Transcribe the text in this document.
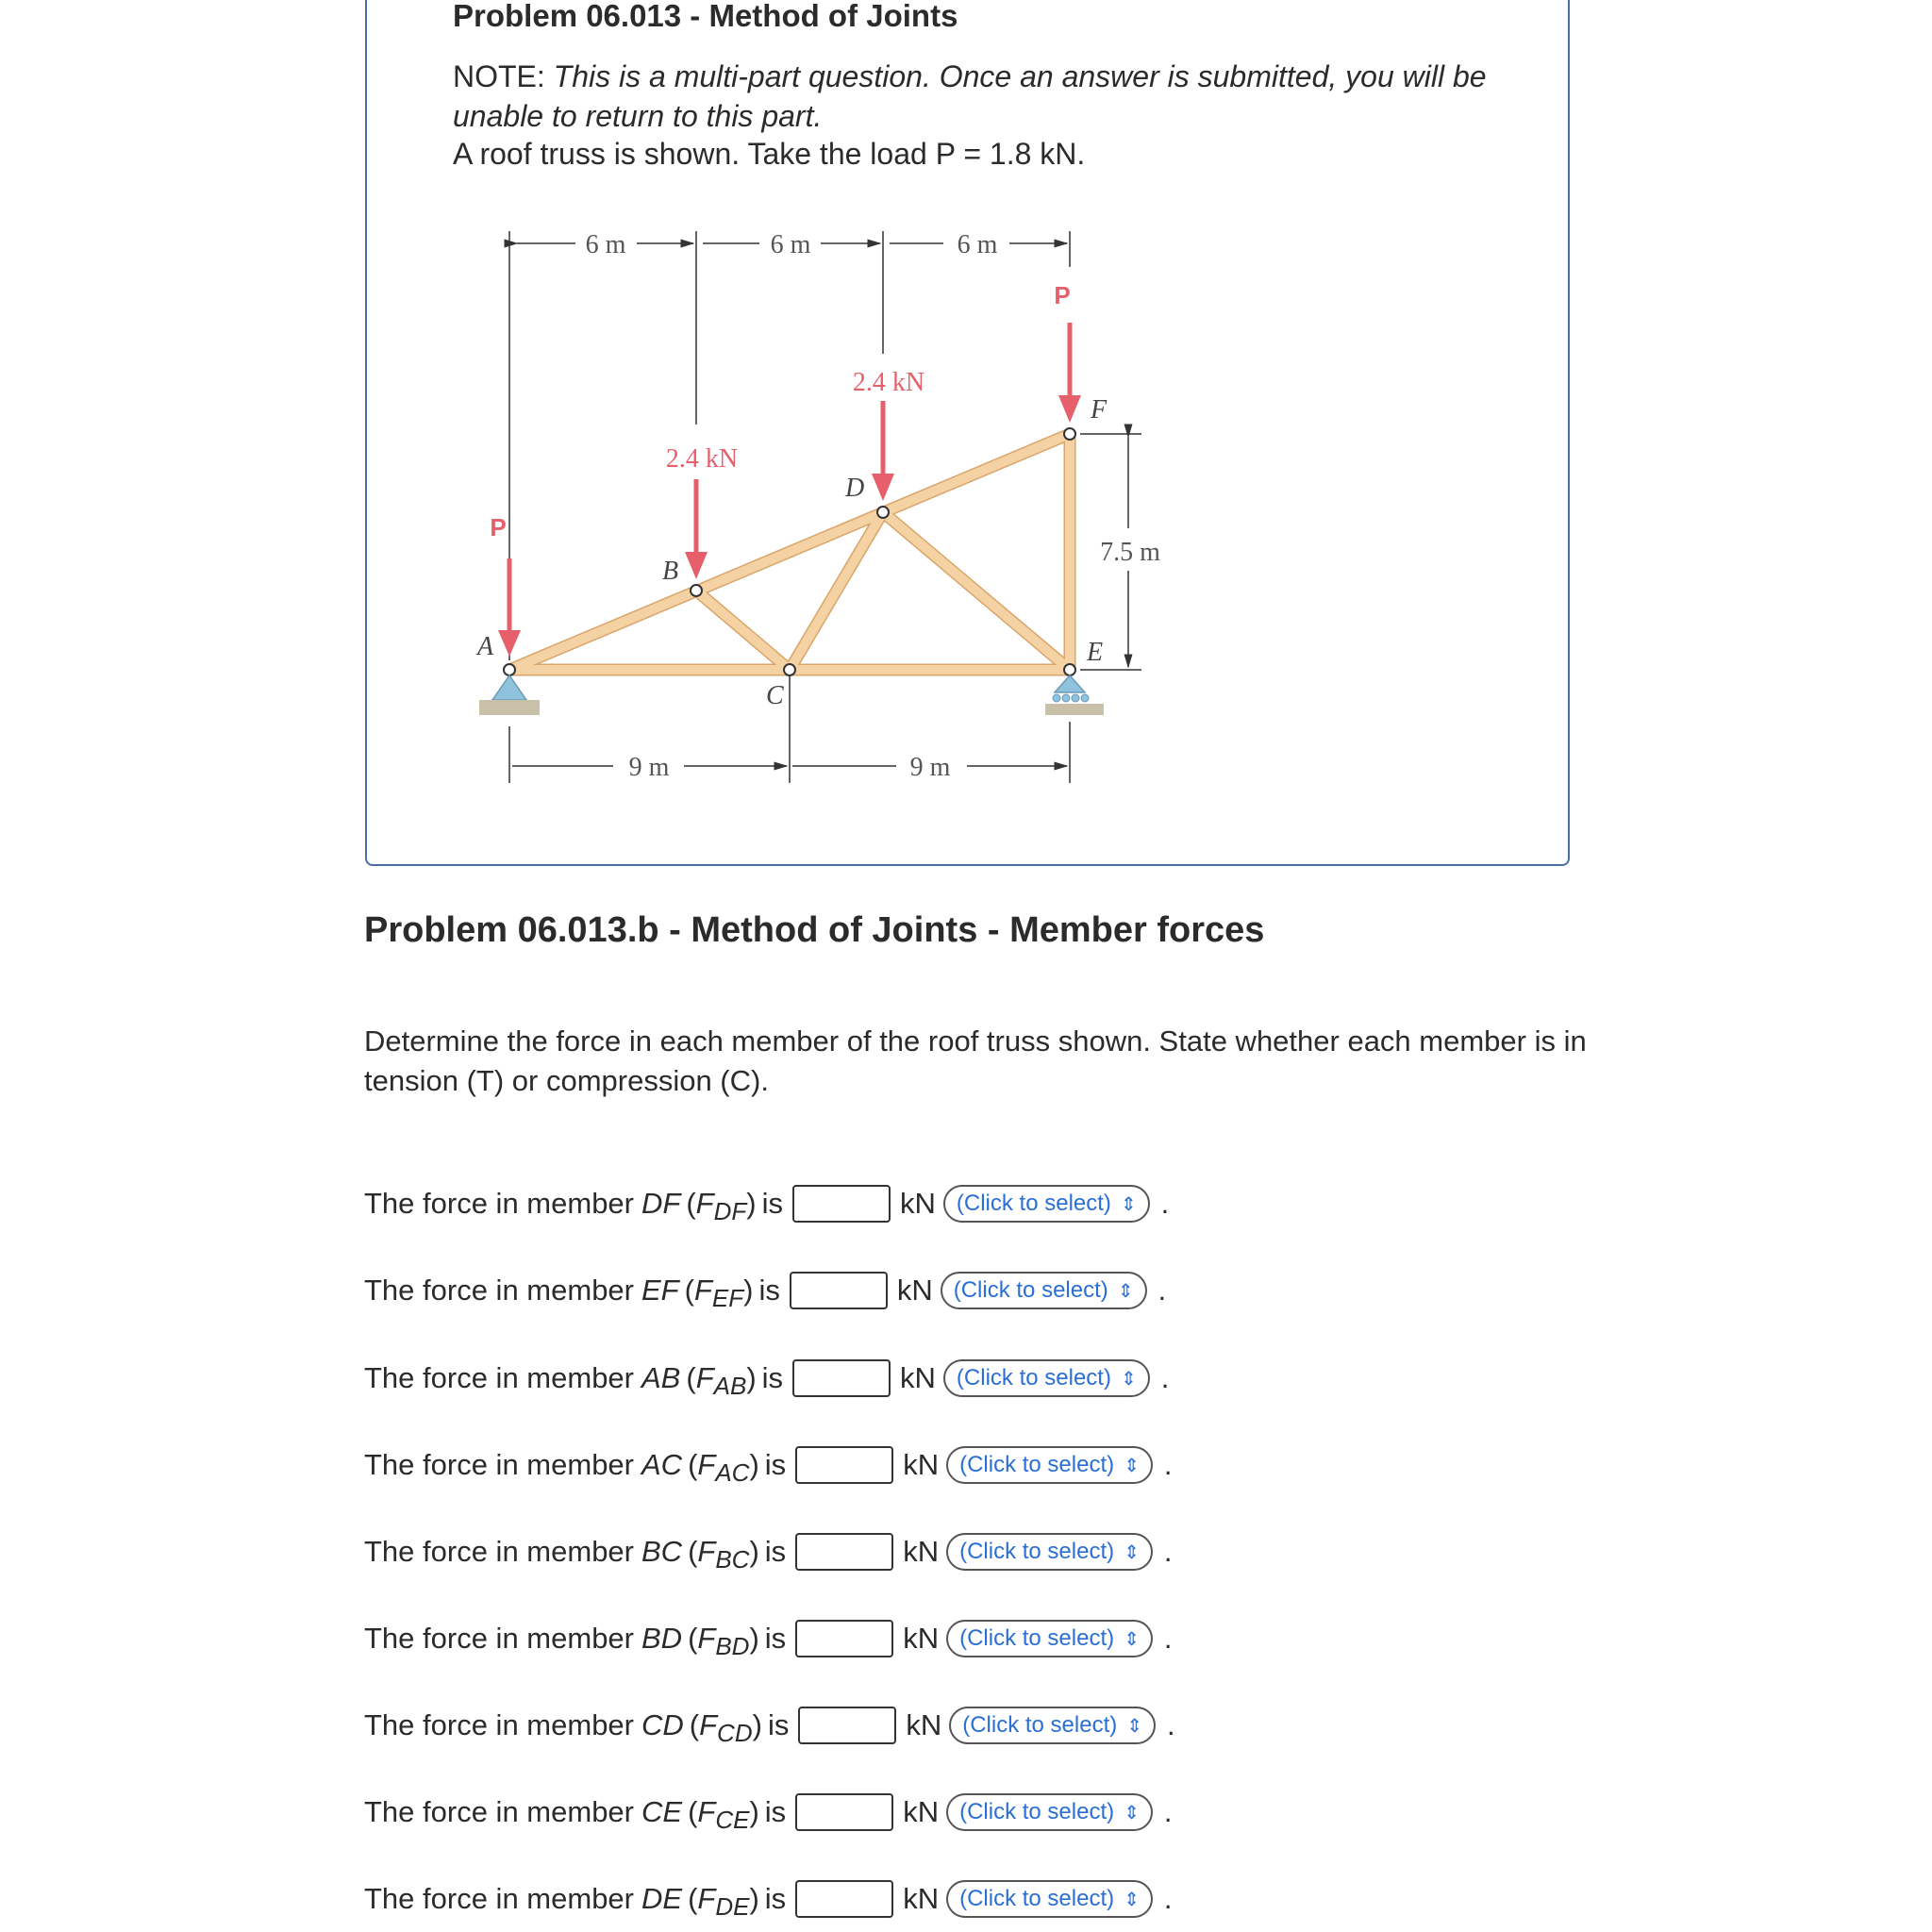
Problem 06.013 - Method of Joints
NOTE: This is a multi-part question. Once an answer is submitted, you will be unable to return to this part.
A roof truss is shown. Take the load P = 1.8 kN.
6 m	6 m	6 m
9 m	9 m
7.5 m
P
2.4 kN
2.4 kN
P
A
B
C
D
E
F
Problem 06.013.b - Method of Joints - Member forces
Determine the force in each member of the roof truss shown. State whether each member is in tension (T) or compression (C).
The force in member DF ( F DF ) is	kN (Click to select) ⇕ .
The force in member EF ( F EF ) is	kN (Click to select) ⇕ .
The force in member AB ( F AB ) is	kN (Click to select) ⇕ .
The force in member AC ( F AC ) is	kN (Click to select) ⇕ .
The force in member BC ( F BC ) is	kN (Click to select) ⇕ .
The force in member BD ( F BD ) is	kN (Click to select) ⇕ .
The force in member CD ( F CD ) is	kN (Click to select) ⇕ .
The force in member CE ( F CE ) is	kN (Click to select) ⇕ .
The force in member DE ( F DE ) is	kN (Click to select) ⇕ .
